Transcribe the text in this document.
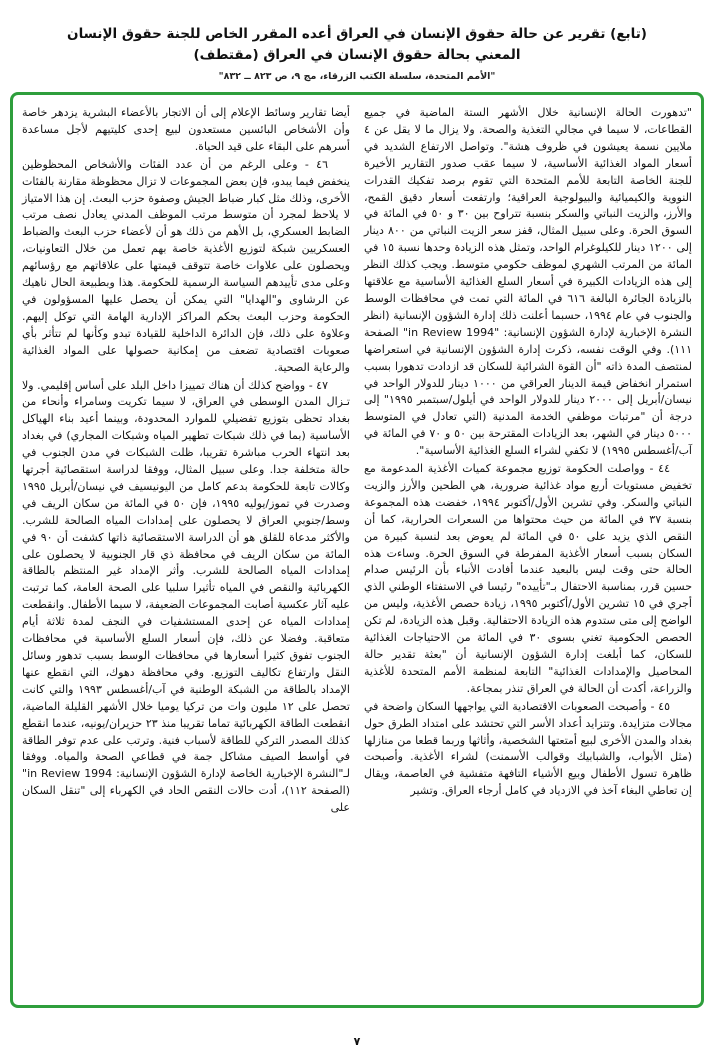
(تابع) تقرير عن حالة حقوق الإنسان في العراق أعده المقرر الخاص للجنة حقوق الإنسان
المعني بحالة حقوق الإنسان في العراق (مقتطف)
"الأمم المتحدة، سلسلة الكتب الزرقاء، مج ٩، ص ٨٢٣ ــ ٨٣٢"

"تدهورت الحالة الإنسانية خلال الأشهر الستة الماضية في جميع القطاعات، لا سيما في مجالي التغذية والصحة. ولا يزال ما لا يقل عن ٤ ملايين نسمة يعيشون في ظروف هشة". وتواصل الارتفاع الشديد في أسعار المواد الغذائية الأساسية، لا سيما عقب صدور التقارير الأخيرة للجنة الخاصة التابعة للأمم المتحدة التي تقوم برصد تفكيك القدرات النووية والكيميائية والبيولوجية العراقية؛ وارتفعت أسعار دقيق القمح، والأرز، والزيت النباتي والسكر بنسبة تتراوح بين ٣٠ و ٥٠ في المائة في السوق الحرة. وعلى سبيل المثال، قفز سعر الزيت النباتي من ٨٠٠ دينار إلى ١٢٠٠ دينار للكيلوغرام الواحد، وتمثل هذه الزيادة وحدها نسبة ١٥ في المائة من المرتب الشهري لموظف حكومي متوسط. ويجب كذلك النظر إلى هذه الزيادات الكبيرة في أسعار السلع الغذائية الأساسية مع علاقتها بالزيادة الجائرة البالغة ٦١٦ في المائة التي تمت في محافظات الوسط والجنوب في عام ١٩٩٤، حسبما أعلنت ذلك إدارة الشؤون الإنسانية (انظر النشرة الإخبارية لإدارة الشؤون الإنسانية: "1994 in Review" الصفحة ١١١). وفي الوقت نفسه، ذكرت إدارة الشؤون الإنسانية في استعراضها لمنتصف المدة ذاته "أن القوة الشرائية للسكان قد ازدادت تدهورا بسبب استمرار انخفاض قيمة الدينار العراقي من ١٠٠٠ دينار للدولار الواحد في نيسان/أبريل إلى ٢٠٠٠ دينار للدولار الواحد في أيلول/سبتمبر ١٩٩٥" إلى درجة أن "مرتبات موظفي الخدمة المدنية (التي تعادل في المتوسط ٥٠٠٠ دينار في الشهر، بعد الزيادات المقترحة بين ٥٠ و ٧٠ في المائة في آب/أغسطس ١٩٩٥) لا تكفي لشراء السلع الغذائية الأساسية".

٤٤ - وواصلت الحكومة توزيع مجموعة كميات الأغذية المدعومة مع تخفيض مستويات أربع مواد غذائية ضرورية، هي الطحين والأرز والزيت النباتي والسكر. وفي تشرين الأول/أكتوبر ١٩٩٤، خفضت هذه المجموعة بنسبة ٣٧ في المائة من حيث محتواها من السعرات الحرارية، كما أن النقص الذي يزيد على ٥٠ في المائة لم يعوض بعد لنسبة كبيرة من السكان بسبب أسعار الأغذية المفرطة في السوق الحرة. وساءت هذه الحالة حتى وقت ليس بالبعيد عندما أفادت الأنباء بأن الرئيس صدام حسين قرر، بمناسبة الاحتفال بـ"تأييده" رئيسا في الاستفتاء الوطني الذي أجري في ١٥ تشرين الأول/أكتوبر ١٩٩٥، زيادة حصص الأغذية، وليس من الواضح إلى متى ستدوم هذه الزيادة الاحتفالية. وقبل هذه الزيادة، لم تكن الحصص الحكومية تغني بسوى ٣٠ في المائة من الاحتياجات الغذائية للسكان، كما أبلغت إدارة الشؤون الإنسانية أن "بعثة تقدير حالة المحاصيل والإمدادات الغذائية" التابعة لمنظمة الأمم المتحدة للأغذية والزراعة، أكدت أن الحالة في العراق تنذر بمجاعة.

٤٥ - وأصبحت الصعوبات الاقتصادية التي يواجهها السكان واضحة في مجالات متزايدة. وتتزايد أعداد الأسر التي تحتشد على امتداد الطرق حول بغداد والمدن الأخرى لبيع أمتعتها الشخصية، وأثاثها وربما قطعا من منازلها (مثل الأبواب، والشبابيك وقوالب الأسمنت) لشراء الأغذية. وأصبحت ظاهرة تسول الأطفال وبيع الأشياء التافهة متفشية في العاصمة، ويقال إن تعاطي البغاء آخذ في الازدياد في كامل أرجاء العراق. وتشير

أيضا تقارير وسائط الإعلام إلى أن الاتجار بالأعضاء البشرية يزدهر خاصة وأن الأشخاص البائسين مستعدون لبيع إحدى كليتيهم لأجل مساعدة أسرهم على البقاء على قيد الحياة.

٤٦ - وعلى الرغم من أن عدد الفئات والأشخاص المحظوظين ينخفض فيما يبدو، فإن بعض المجموعات لا تزال محظوظة مقارنة بالفئات الأخرى، وذلك مثل كبار ضباط الجيش وصفوة حزب البعث. إن هذا الامتياز لا يلاحظ لمجرد أن متوسط مرتب الموظف المدني يعادل نصف مرتب الضابط العسكري، بل الأهم من ذلك هو أن لأعضاء حزب البعث والضباط العسكريين شبكة لتوزيع الأغذية خاصة بهم تعمل من خلال التعاونيات، ويحصلون على علاوات خاصة تتوقف قيمتها على علاقاتهم مع رؤسائهم وعلى مدى تأييدهم السياسة الرسمية للحكومة. هذا وبطبيعة الحال ناهيك عن الرشاوى و"الهدايا" التي يمكن أن يحصل عليها المسؤولون في الحكومة وحزب البعث بحكم المراكز الإدارية الهامة التي توكل إليهم. وعلاوة على ذلك، فإن الدائرة الداخلية للقيادة تبدو وكأنها لم تتأثر بأي صعوبات اقتصادية تضعف من إمكانية حصولها على المواد الغذائية والرعاية الصحية.

٤٧ - وواضح كذلك أن هناك تمييزا داخل البلد على أساس إقليمي. ولا تـزال المدن الوسطى في العراق، لا سيما تكريت وسامراء وأنحاء من بغداد تحظى بتوزيع تفضيلي للموارد المحدودة، وبينما أعيد بناء الهياكل الأساسية (بما في ذلك شبكات تطهير المياه وشبكات المجاري) في بغداد بعد انتهاء الحرب مباشرة تقريبا، ظلت الشبكات في مدن الجنوب في حالة متخلفة جدا. وعلى سبيل المثال، ووفقا لدراسة استقصائية أجرتها وكالات تابعة للحكومة بدعم كامل من اليونيسيف في نيسان/أبريل ١٩٩٥ وصدرت في تموز/يوليه ١٩٩٥، فإن ٥٠ في المائة من سكان الريف في وسط/جنوبي العراق لا يحصلون على إمدادات المياه الصالحة للشرب. والأكثر مدعاة للقلق هو أن الدراسة الاستقصائية ذاتها كشفت أن ٩٠ في المائة من سكان الريف في محافظة ذي قار الجنوبية لا يحصلون على إمدادات المياه الصالحة للشرب. وأثر الإمداد غير المنتظم بالطاقة الكهربائية والنقص في المياه تأثيرا سلبيا على الصحة العامة، كما ترتبت عليه آثار عكسية أصابت المجموعات الضعيفة، لا سيما الأطفال. وانقطعت إمدادات المياه عن إحدى المستشفيات في النجف لمدة ثلاثة أيام متعاقبة. وفضلا عن ذلك، فإن أسعار السلع الأساسية في محافظات الجنوب تفوق كثيرا أسعارها في محافظات الوسط بسبب تدهور وسائل النقل وارتفاع تكاليف التوزيع. وفي محافظة دهوك، التي انقطع عنها الإمداد بالطاقة من الشبكة الوطنية في آب/أغسطس ١٩٩٣ والتي كانت تحصل على ١٢ مليون وات من تركيا يوميا خلال الأشهر القليلة الماضية، انقطعت الطاقة الكهربائية تماما تقريبا منذ ٢٣ حزيران/يونيه، عندما انقطع كذلك المصدر التركي للطاقة لأسباب فنية. وترتب على عدم توفر الطاقة في أواسط الصيف مشاكل جمة في قطاعي الصحة والمياه. ووفقا لـ"النشرة الإخبارية الخاصة لإدارة الشؤون الإنسانية: 1994 in Review" (الصفحة ١١٢)، أدت حالات النقص الحاد في الكهرباء إلى "تنقل السكان على

٧
